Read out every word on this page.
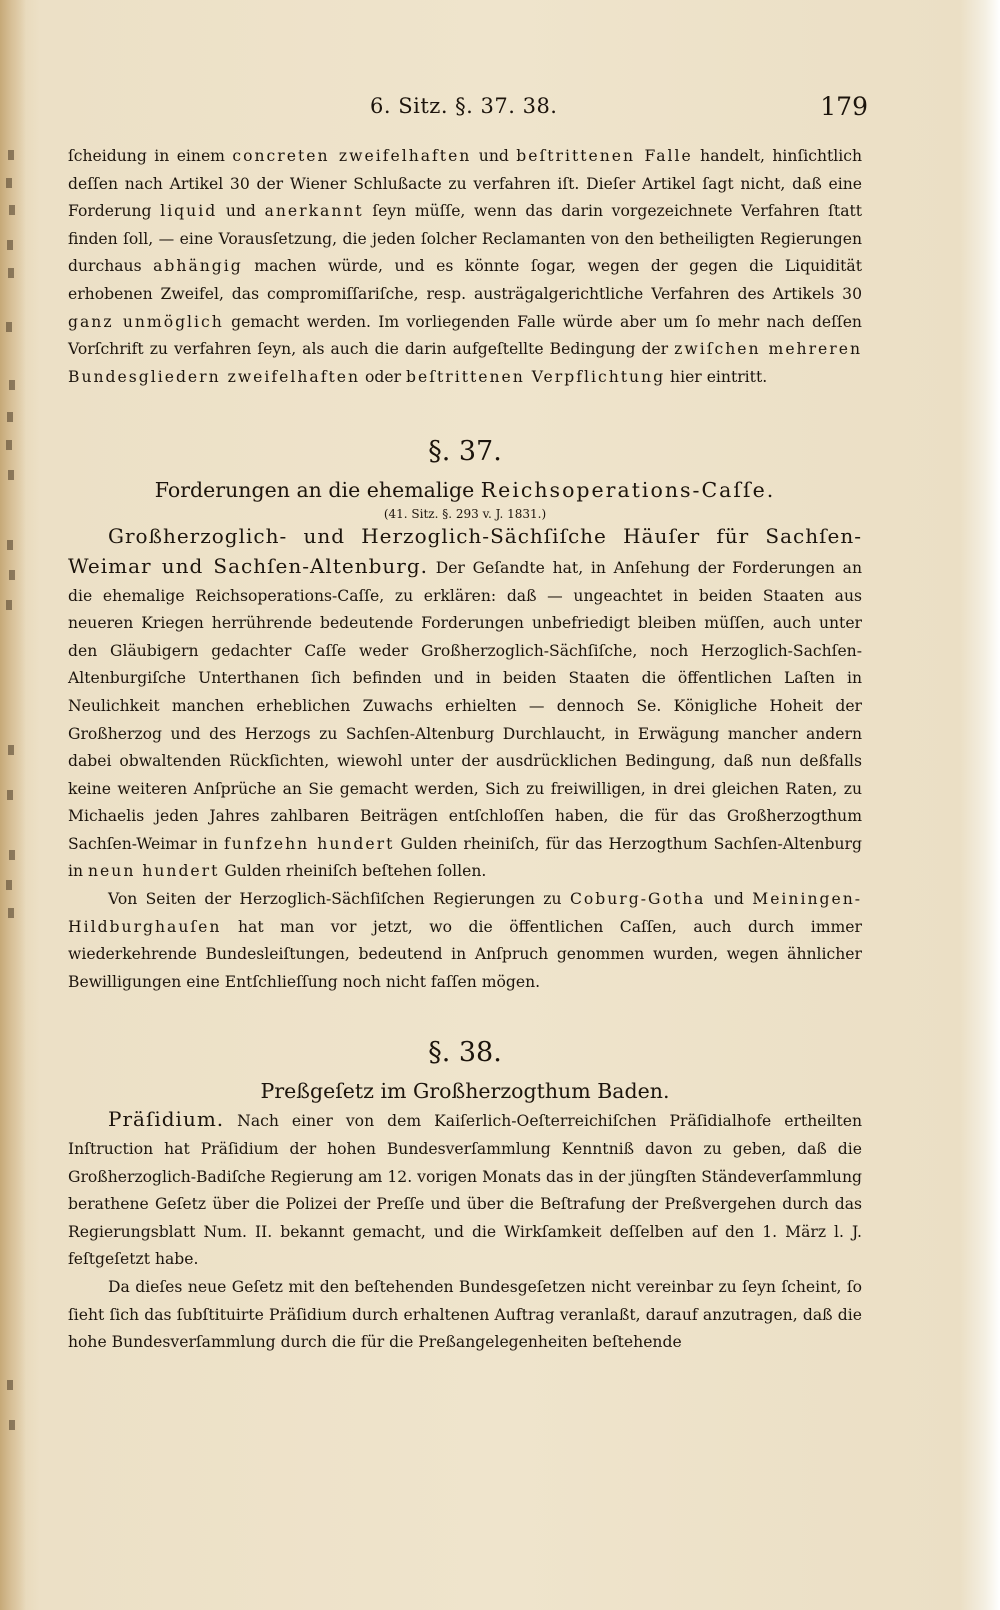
6. Sitz. §. 37. 38.	179

ſcheidung in einem concreten zweifelhaften und beſtrittenen Falle handelt, hinſichtlich deſſen nach Artikel 30 der Wiener Schlußacte zu verfahren iſt. Dieſer Artikel ſagt nicht, daß eine Forderung liquid und anerkannt ſeyn müſſe, wenn das darin vorgezeichnete Verfahren ſtatt finden ſoll, — eine Vorausſetzung, die jeden ſolcher Reclamanten von den betheiligten Regierungen durchaus abhängig machen würde, und es könnte ſogar, wegen der gegen die Liquidität erhobenen Zweifel, das compromiſſariſche, resp. austrägalgerichtliche Verfahren des Artikels 30 ganz unmöglich gemacht werden. Im vorliegenden Falle würde aber um ſo mehr nach deſſen Vorſchrift zu verfahren ſeyn, als auch die darin aufgeſtellte Bedingung der zwiſchen mehreren Bundesgliedern zweifelhaften oder beſtrittenen Verpflichtung hier eintritt.

§. 37.

Forderungen an die ehemalige Reichsoperations-Caſſe.

(41. Sitz. §. 293 v. J. 1831.)

Großherzoglich- und Herzoglich-Sächſiſche Häuſer für Sachſen-Weimar und Sachſen-Altenburg. Der Geſandte hat, in Anſehung der Forderungen an die ehemalige Reichsoperations-Caſſe, zu erklären: daß — ungeachtet in beiden Staaten aus neueren Kriegen herrührende bedeutende Forderungen unbefriedigt bleiben müſſen, auch unter den Gläubigern gedachter Caſſe weder Großherzoglich-Sächſiſche, noch Herzoglich-Sachſen-Altenburgiſche Unterthanen ſich befinden und in beiden Staaten die öffentlichen Laſten in Neulichkeit manchen erheblichen Zuwachs erhielten — dennoch Se. Königliche Hoheit der Großherzog und des Herzogs zu Sachſen-Altenburg Durchlaucht, in Erwägung mancher andern dabei obwaltenden Rückſichten, wiewohl unter der ausdrücklichen Bedingung, daß nun deßfalls keine weiteren Anſprüche an Sie gemacht werden, Sich zu freiwilligen, in drei gleichen Raten, zu Michaelis jeden Jahres zahlbaren Beiträgen entſchloſſen haben, die für das Großherzogthum Sachſen-Weimar in funfzehn hundert Gulden rheiniſch, für das Herzogthum Sachſen-Altenburg in neun hundert Gulden rheiniſch beſtehen ſollen.

Von Seiten der Herzoglich-Sächſiſchen Regierungen zu Coburg-Gotha und Meiningen-Hildburghauſen hat man vor jetzt, wo die öffentlichen Caſſen, auch durch immer wiederkehrende Bundesleiſtungen, bedeutend in Anſpruch genommen wurden, wegen ähnlicher Bewilligungen eine Entſchlieſſung noch nicht faſſen mögen.

§. 38.

Preßgeſetz im Großherzogthum Baden.

Präſidium. Nach einer von dem Kaiſerlich-Oeſterreichiſchen Präſidialhofe ertheilten Inſtruction hat Präſidium der hohen Bundesverſammlung Kenntniß davon zu geben, daß die Großherzoglich-Badiſche Regierung am 12. vorigen Monats das in der jüngſten Ständeverſammlung berathene Geſetz über die Polizei der Preſſe und über die Beſtrafung der Preßvergehen durch das Regierungsblatt Num. II. bekannt gemacht, und die Wirkſamkeit deſſelben auf den 1. März l. J. feſtgeſetzt habe.

Da dieſes neue Geſetz mit den beſtehenden Bundesgeſetzen nicht vereinbar zu ſeyn ſcheint, ſo ſieht ſich das ſubſtituirte Präſidium durch erhaltenen Auftrag veranlaßt, darauf anzutragen, daß die hohe Bundesverſammlung durch die für die Preßangelegenheiten beſtehende
